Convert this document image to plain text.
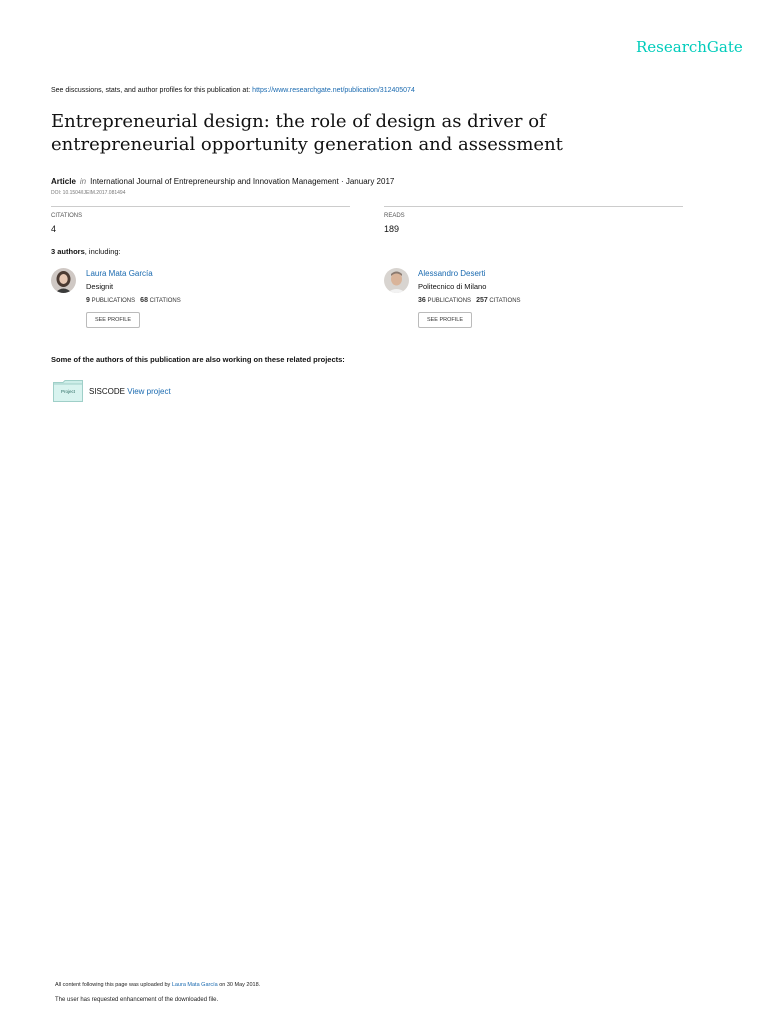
ResearchGate
See discussions, stats, and author profiles for this publication at: https://www.researchgate.net/publication/312405074
Entrepreneurial design: the role of design as driver of entrepreneurial opportunity generation and assessment
Article in International Journal of Entrepreneurship and Innovation Management · January 2017
DOI: 10.1504/IJEIM.2017.081494
CITATIONS
4
READS
189
3 authors, including:
Laura Mata García
Designit
9 PUBLICATIONS 68 CITATIONS
SEE PROFILE
Alessandro Deserti
Politecnico di Milano
36 PUBLICATIONS 257 CITATIONS
SEE PROFILE
Some of the authors of this publication are also working on these related projects:
Project	SISCODE View project
All content following this page was uploaded by Laura Mata García on 30 May 2018.
The user has requested enhancement of the downloaded file.
